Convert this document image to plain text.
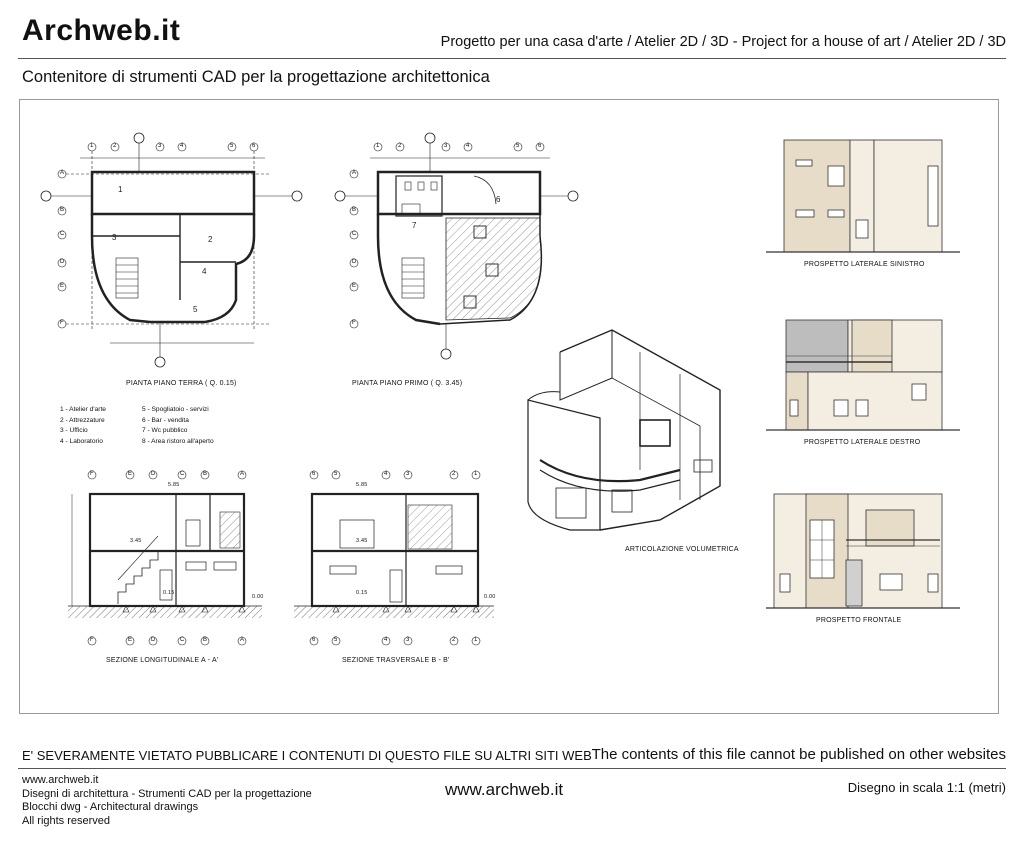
Archweb.it	Progetto per una casa d'arte / Atelier 2D / 3D - Project for a house of art / Atelier 2D / 3D
Contenitore di strumenti CAD per la progettazione architettonica
1
2
3
4
5
7
6
PIANTA PIANO TERRA ( Q. 0.15)	PIANTA PIANO PRIMO ( Q. 3.45)
SEZIONE LONGITUDINALE A - A'	SEZIONE TRASVERSALE B - B'
ARTICOLAZIONE VOLUMETRICA
PROSPETTO LATERALE SINISTRO
PROSPETTO LATERALE DESTRO
PROSPETTO FRONTALE
5.85
3.45
0.15
0.00
5.85
3.45
0.15
0.00
1 - Atelier d'arte
2 - Attrezzature
3 - Ufficio
4 - Laboratorio
5 - Spogliatoio - servizi
6 - Bar - vendita
7 - Wc pubblico
8 - Area ristoro all'aperto
1	1
2	2
3	3
4	4
5	5
6	6
A	A
B	B
C	C
D	D
E	E
F	F
F
F
E
E
D
D
C
C
B
B
A
A
6
6
5
5
4
4
3
3
2
2
1
1
E' SEVERAMENTE VIETATO PUBBLICARE I CONTENUTI DI QUESTO FILE SU ALTRI SITI WEB The contents of this file cannot be published on other websites
www.archweb.it
Disegni di architettura - Strumenti CAD per la progettazione
Blocchi dwg - Architectural drawings
All rights reserved
www.archweb.it	Disegno in scala 1:1 (metri)
